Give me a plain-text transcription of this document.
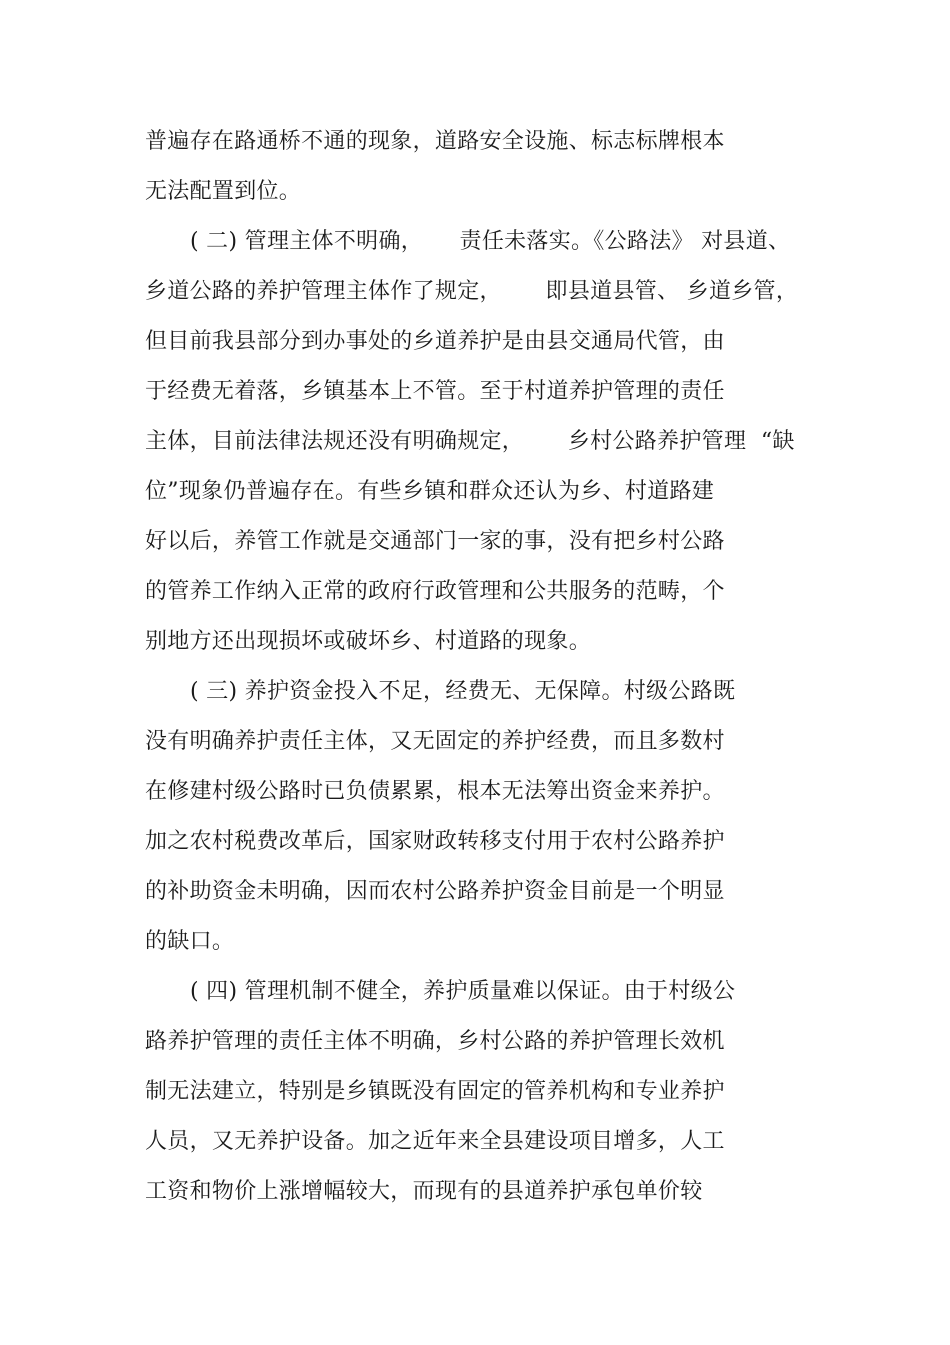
普遍存在路通桥不通的现象，道路安全设施、标志标牌根本
无法配置到位。
( 二) 管理主体不明确，     责任未落实。《公路法》 对县道、
乡道公路的养护管理主体作了规定，      即县道县管、 乡道乡管，
但目前我县部分到办事处的乡道养护是由县交通局代管，由
于经费无着落，乡镇基本上不管。至于村道养护管理的责任
主体，目前法律法规还没有明确规定，      乡村公路养护管理  “缺
位”现象仍普遍存在。有些乡镇和群众还认为乡、村道路建
好以后，养管工作就是交通部门一家的事，没有把乡村公路
的管养工作纳入正常的政府行政管理和公共服务的范畴，个
别地方还出现损坏或破坏乡、村道路的现象。
( 三) 养护资金投入不足，经费无、无保障。村级公路既
没有明确养护责任主体，又无固定的养护经费，而且多数村
在修建村级公路时已负债累累，根本无法筹出资金来养护。
加之农村税费改革后，国家财政转移支付用于农村公路养护
的补助资金未明确，因而农村公路养护资金目前是一个明显
的缺口。
( 四) 管理机制不健全，养护质量难以保证。由于村级公
路养护管理的责任主体不明确，乡村公路的养护管理长效机
制无法建立，特别是乡镇既没有固定的管养机构和专业养护
人员，又无养护设备。加之近年来全县建设项目增多，人工
工资和物价上涨增幅较大，而现有的县道养护承包单价较
